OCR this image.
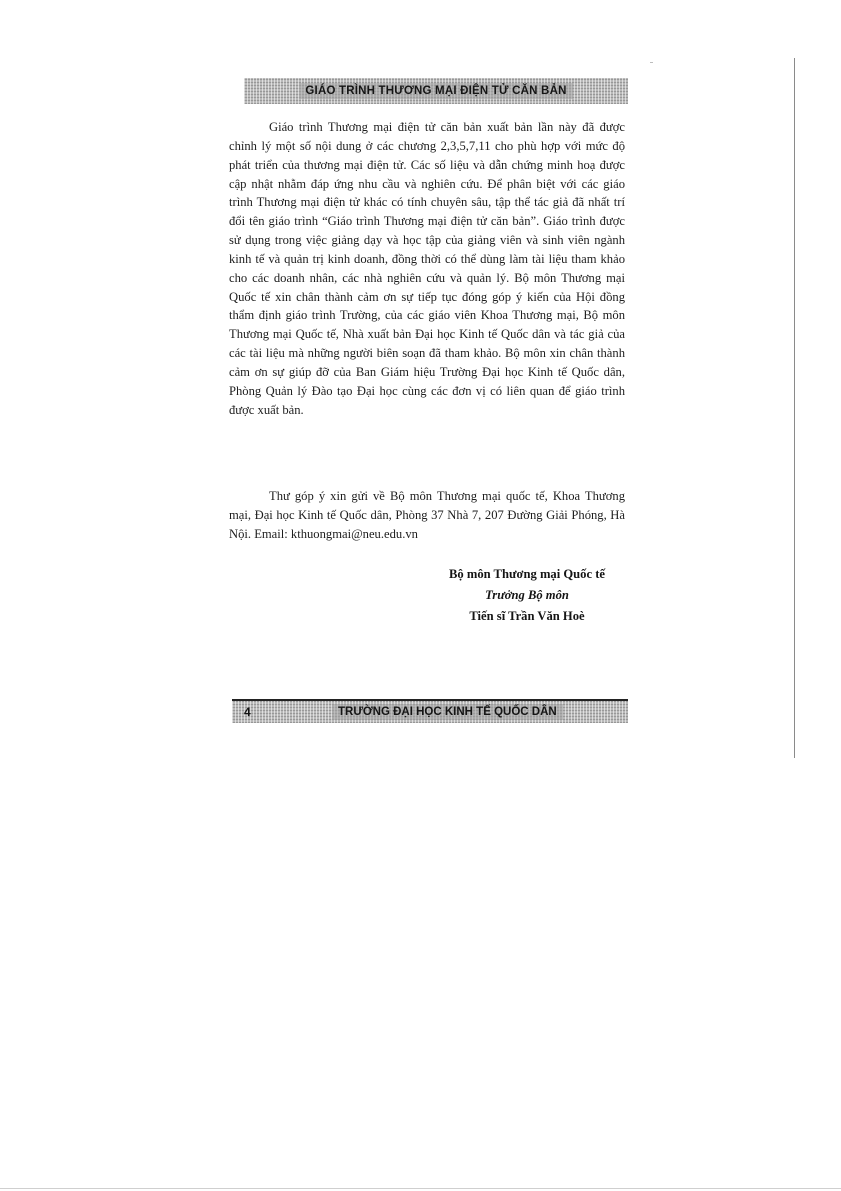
GIÁO TRÌNH THƯƠNG MẠI ĐIỆN TỬ CĂN BẢN

Giáo trình Thương mại điện tử căn bản xuất bản lần này đã được chỉnh lý một số nội dung ở các chương 2,3,5,7,11 cho phù hợp với mức độ phát triển của thương mại điện tử. Các số liệu và dẫn chứng minh hoạ được cập nhật nhằm đáp ứng nhu cầu và nghiên cứu. Để phân biệt với các giáo trình Thương mại điện tử khác có tính chuyên sâu, tập thể tác giả đã nhất trí đổi tên giáo trình “Giáo trình Thương mại điện tử căn bản”. Giáo trình được sử dụng trong việc giảng dạy và học tập của giảng viên và sinh viên ngành kinh tế và quản trị kinh doanh, đồng thời có thể dùng làm tài liệu tham khảo cho các doanh nhân, các nhà nghiên cứu và quản lý. Bộ môn Thương mại Quốc tế xin chân thành cảm ơn sự tiếp tục đóng góp ý kiến của Hội đồng thẩm định giáo trình Trường, của các giáo viên Khoa Thương mại, Bộ môn Thương mại Quốc tế, Nhà xuất bản Đại học Kinh tế Quốc dân và tác giả của các tài liệu mà những người biên soạn đã tham khảo. Bộ môn xin chân thành cảm ơn sự giúp đỡ của Ban Giám hiệu Trường Đại học Kinh tế Quốc dân, Phòng Quản lý Đào tạo Đại học cùng các đơn vị có liên quan để giáo trình được xuất bản.

Thư góp ý xin gửi về Bộ môn Thương mại quốc tế, Khoa Thương mại, Đại học Kinh tế Quốc dân, Phòng 37 Nhà 7, 207 Đường Giải Phóng, Hà Nội. Email: kthuongmai@neu.edu.vn

Bộ môn Thương mại Quốc tế
Trưởng Bộ môn
Tiến sĩ Trần Văn Hoè
4	TRƯỜNG ĐẠI HỌC KINH TẾ QUỐC DÂN
